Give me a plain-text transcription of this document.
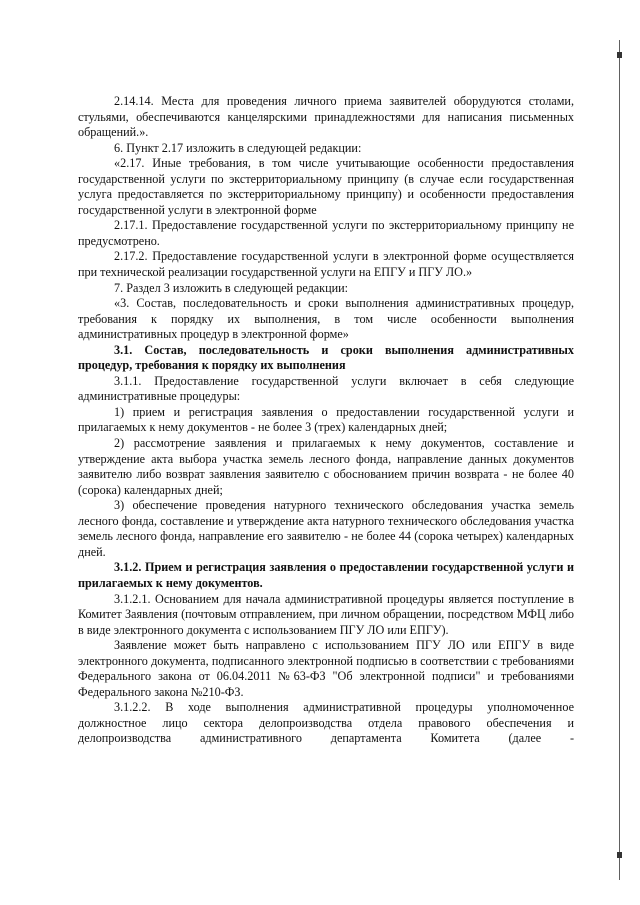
2.14.14. Места для проведения личного приема заявителей оборудуются столами, стульями, обеспечиваются канцелярскими принадлежностями для написания письменных обращений.».

6. Пункт 2.17 изложить в следующей редакции:

«2.17. Иные требования, в том числе учитывающие особенности предоставления государственной услуги по экстерриториальному принципу (в случае если государственная услуга предоставляется по экстерриториальному принципу) и особенности предоставления государственной услуги в электронной форме

2.17.1. Предоставление государственной услуги по экстерриториальному принципу не предусмотрено.

2.17.2. Предоставление государственной услуги в электронной форме осуществляется при технической реализации государственной услуги на ЕПГУ и ПГУ ЛО.»

7. Раздел 3 изложить в следующей редакции:

«3. Состав, последовательность и сроки выполнения административных процедур, требования к порядку их выполнения, в том числе особенности выполнения административных процедур в электронной форме»

3.1. Состав, последовательность и сроки выполнения административных процедур, требования к порядку их выполнения

3.1.1. Предоставление государственной услуги включает в себя следующие административные процедуры:

1) прием и регистрация заявления о предоставлении государственной услуги и прилагаемых к нему документов - не более 3 (трех) календарных дней;

2) рассмотрение заявления и прилагаемых к нему документов, составление и утверждение акта выбора участка земель лесного фонда, направление данных документов заявителю либо возврат заявления заявителю с обоснованием причин возврата - не более 40 (сорока) календарных дней;

3) обеспечение проведения натурного технического обследования участка земель лесного фонда, составление и утверждение акта натурного технического обследования участка земель лесного фонда, направление его заявителю - не более 44 (сорока четырех) календарных дней.

3.1.2. Прием и регистрация заявления о предоставлении государственной услуги и прилагаемых к нему документов.

3.1.2.1. Основанием для начала административной процедуры является поступление в Комитет Заявления (почтовым отправлением, при личном обращении, посредством МФЦ либо в виде электронного документа с использованием ПГУ ЛО или ЕПГУ).

Заявление может быть направлено с использованием ПГУ ЛО или ЕПГУ в виде электронного документа, подписанного электронной подписью в соответствии с требованиями Федерального закона от 06.04.2011 №63-ФЗ "Об электронной подписи" и требованиями Федерального закона №210-ФЗ.

3.1.2.2. В ходе выполнения административной процедуры уполномоченное должностное лицо сектора делопроизводства отдела правового обеспечения и делопроизводства административного департамента Комитета (далее -
